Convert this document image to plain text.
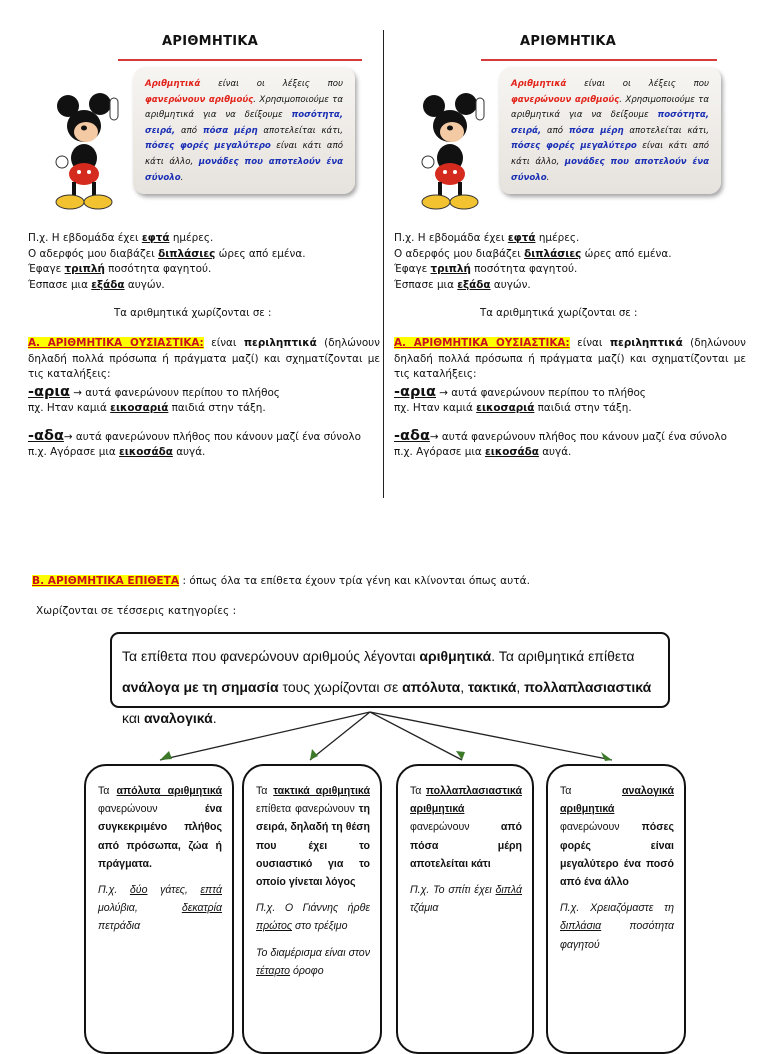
ΑΡΙΘΜΗΤΙΚΑ
Αριθμητικά είναι οι λέξεις που φανερώνουν αριθμούς. Χρησιμοποιούμε τα αριθμητικά για να δείξουμε ποσότητα, σειρά, από πόσα μέρη αποτελείται κάτι, πόσες φορές μεγαλύτερο είναι κάτι από κάτι άλλο, μονάδες που αποτελούν ένα σύνολο.
Π.χ. Η εβδομάδα έχει εφτά ημέρες.
Ο αδερφός μου διαβάζει διπλάσιες ώρες από εμένα.
Έφαγε τριπλή ποσότητα φαγητού.
Έσπασε μια εξάδα αυγών.
Τα αριθμητικά χωρίζονται σε :
Α. ΑΡΙΘΜΗΤΙΚΑ ΟΥΣΙΑΣΤΙΚΑ: είναι περιληπτικά (δηλώνουν δηλαδή πολλά πρόσωπα ή πράγματα μαζί) και σχηματίζονται με τις καταλήξεις:
-αρια → αυτά φανερώνουν περίπου το πλήθος
πχ. Ηταν καμιά εικοσαριά παιδιά στην τάξη.
-αδα→ αυτά φανερώνουν πλήθος που κάνουν μαζί ένα σύνολο
π.χ. Αγόρασε μια εικοσάδα αυγά.
ΑΡΙΘΜΗΤΙΚΑ
Αριθμητικά είναι οι λέξεις που φανερώνουν αριθμούς. Χρησιμοποιούμε τα αριθμητικά για να δείξουμε ποσότητα, σειρά, από πόσα μέρη αποτελείται κάτι, πόσες φορές μεγαλύτερο είναι κάτι από κάτι άλλο, μονάδες που αποτελούν ένα σύνολο.
Π.χ. Η εβδομάδα έχει εφτά ημέρες.
Ο αδερφός μου διαβάζει διπλάσιες ώρες από εμένα.
Έφαγε τριπλή ποσότητα φαγητού.
Έσπασε μια εξάδα αυγών.
Τα αριθμητικά χωρίζονται σε :
Α. ΑΡΙΘΜΗΤΙΚΑ ΟΥΣΙΑΣΤΙΚΑ: είναι περιληπτικά (δηλώνουν δηλαδή πολλά πρόσωπα ή πράγματα μαζί) και σχηματίζονται με τις καταλήξεις:
-αρια → αυτά φανερώνουν περίπου το πλήθος
πχ. Ηταν καμιά εικοσαριά παιδιά στην τάξη.
-αδα→ αυτά φανερώνουν πλήθος που κάνουν μαζί ένα σύνολο
π.χ. Αγόρασε μια εικοσάδα αυγά.
Β. ΑΡΙΘΜΗΤΙΚΑ ΕΠΙΘΕΤΑ : όπως όλα τα επίθετα έχουν τρία γένη και κλίνονται όπως αυτά.
Χωρίζονται σε τέσσερις κατηγορίες :
Τα επίθετα που φανερώνουν αριθμούς λέγονται αριθμητικά. Τα αριθμητικά επίθετα ανάλογα με τη σημασία τους χωρίζονται σε απόλυτα, τακτικά, πολλαπλασιαστικά και αναλογικά.

Τα απόλυτα αριθμητικά φανερώνουν ένα συγκεκριμένο πλήθος από πρόσωπα, ζώα ή πράγματα.

Π.χ. δύο γάτες, επτά μολύβια, δεκατρία πετράδια

Τα τακτικά αριθμητικά επίθετα φανερώνουν τη σειρά, δηλαδή τη θέση που έχει το ουσιαστικό για το οποίο γίνεται λόγος

Π.χ. Ο Γιάννης ήρθε πρώτος στο τρέξιμο

Το διαμέρισμα είναι στον τέταρτο όροφο

Τα πολλαπλασιαστικά αριθμητικά φανερώνουν από πόσα μέρη αποτελείται κάτι

Π.χ. Το σπίτι έχει διπλά τζάμια

Τα αναλογικά αριθμητικά φανερώνουν πόσες φορές είναι μεγαλύτερο ένα ποσό από ένα άλλο

Π.χ. Χρειαζόμαστε τη διπλάσια ποσότητα φαγητού
